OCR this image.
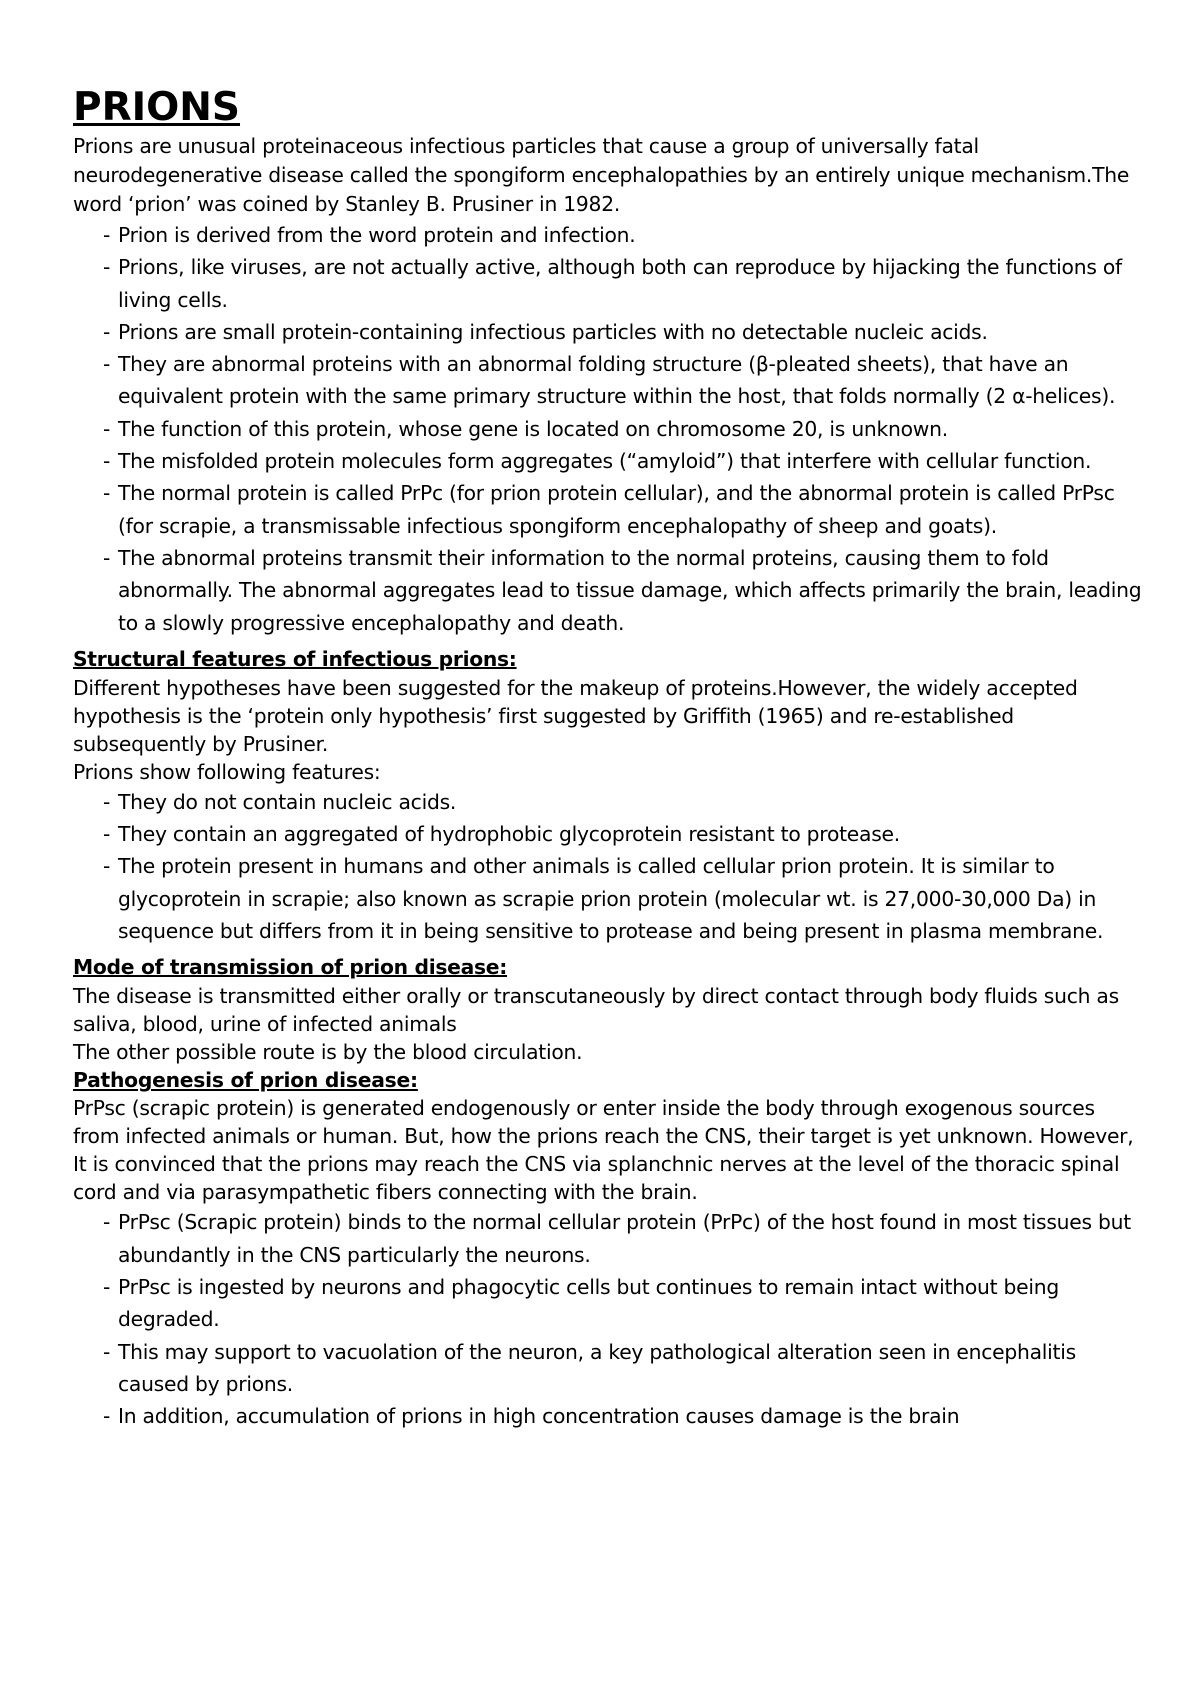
PRIONS

Prions are unusual proteinaceous infectious particles that cause a group of universally fatal neurodegenerative disease called the spongiform encephalopathies by an entirely unique mechanism.The word ‘prion’ was coined by Stanley B. Prusiner in 1982.

- Prion is derived from the word protein and infection.
- Prions, like viruses, are not actually active, although both can reproduce by hijacking the functions of living cells.
- Prions are small protein-containing infectious particles with no detectable nucleic acids.
- They are abnormal proteins with an abnormal folding structure (β-pleated sheets), that have an equivalent protein with the same primary structure within the host, that folds normally (2 α-helices).
- The function of this protein, whose gene is located on chromosome 20, is unknown.
- The misfolded protein molecules form aggregates (“amyloid”) that interfere with cellular function.
- The normal protein is called PrPc (for prion protein cellular), and the abnormal protein is called PrPsc (for scrapie, a transmissable infectious spongiform encephalopathy of sheep and goats).
- The abnormal proteins transmit their information to the normal proteins, causing them to fold abnormally. The abnormal aggregates lead to tissue damage, which affects primarily the brain, leading to a slowly progressive encephalopathy and death.
Structural features of infectious prions:

Different hypotheses have been suggested for the makeup of proteins.However, the widely accepted hypothesis is the ‘protein only hypothesis’ first suggested by Griffith (1965) and re-established subsequently by Prusiner.

Prions show following features:

- They do not contain nucleic acids.
- They contain an aggregated of hydrophobic glycoprotein resistant to protease.
- The protein present in humans and other animals is called cellular prion protein. It is similar to glycoprotein in scrapie; also known as scrapie prion protein (molecular wt. is 27,000-30,000 Da) in sequence but differs from it in being sensitive to protease and being present in plasma membrane.
Mode of transmission of prion disease:

The disease is transmitted either orally or transcutaneously by direct contact through body fluids such as saliva, blood, urine of infected animals

The other possible route is by the blood circulation.

Pathogenesis of prion disease:

PrPsc (scrapic protein) is generated endogenously or enter inside the body through exogenous sources from infected animals or human. But, how the prions reach the CNS, their target is yet unknown. However, It is convinced that the prions may reach the CNS via splanchnic nerves at the level of the thoracic spinal cord and via parasympathetic fibers connecting with the brain.

- PrPsc (Scrapic protein) binds to the normal cellular protein (PrPc) of the host found in most tissues but abundantly in the CNS particularly the neurons.
- PrPsc is ingested by neurons and phagocytic cells but continues to remain intact without being degraded.
- This may support to vacuolation of the neuron, a key pathological alteration seen in encephalitis caused by prions.
- In addition, accumulation of prions in high concentration causes damage is the brain
